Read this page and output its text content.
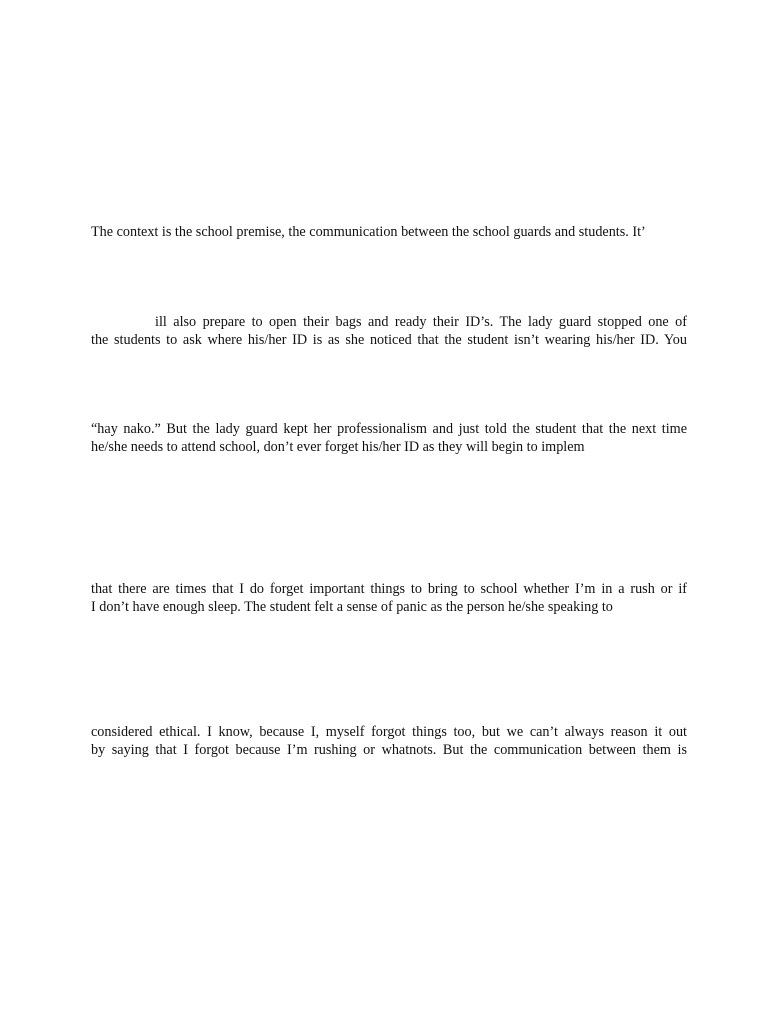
The context is the school premise, the communication between the school guards and students. It’
ill also prepare to open their bags and ready their ID’s. The lady guard stopped one of
the students to ask where his/her ID is as she noticed that the student isn’t wearing his/her ID. You
“hay nako.” But the lady guard kept her professionalism and just told the student that the next time
he/she needs to attend school, don’t ever forget his/her ID as they will begin to implem
that there are times that I do forget important things to bring to school whether I’m in a rush or if
I don’t have enough sleep. The student felt a sense of panic as the person he/she speaking to
considered ethical. I know, because I, myself forgot things too, but we can’t always reason it out
by saying that I forgot because I’m rushing or whatnots. But the communication between them is
